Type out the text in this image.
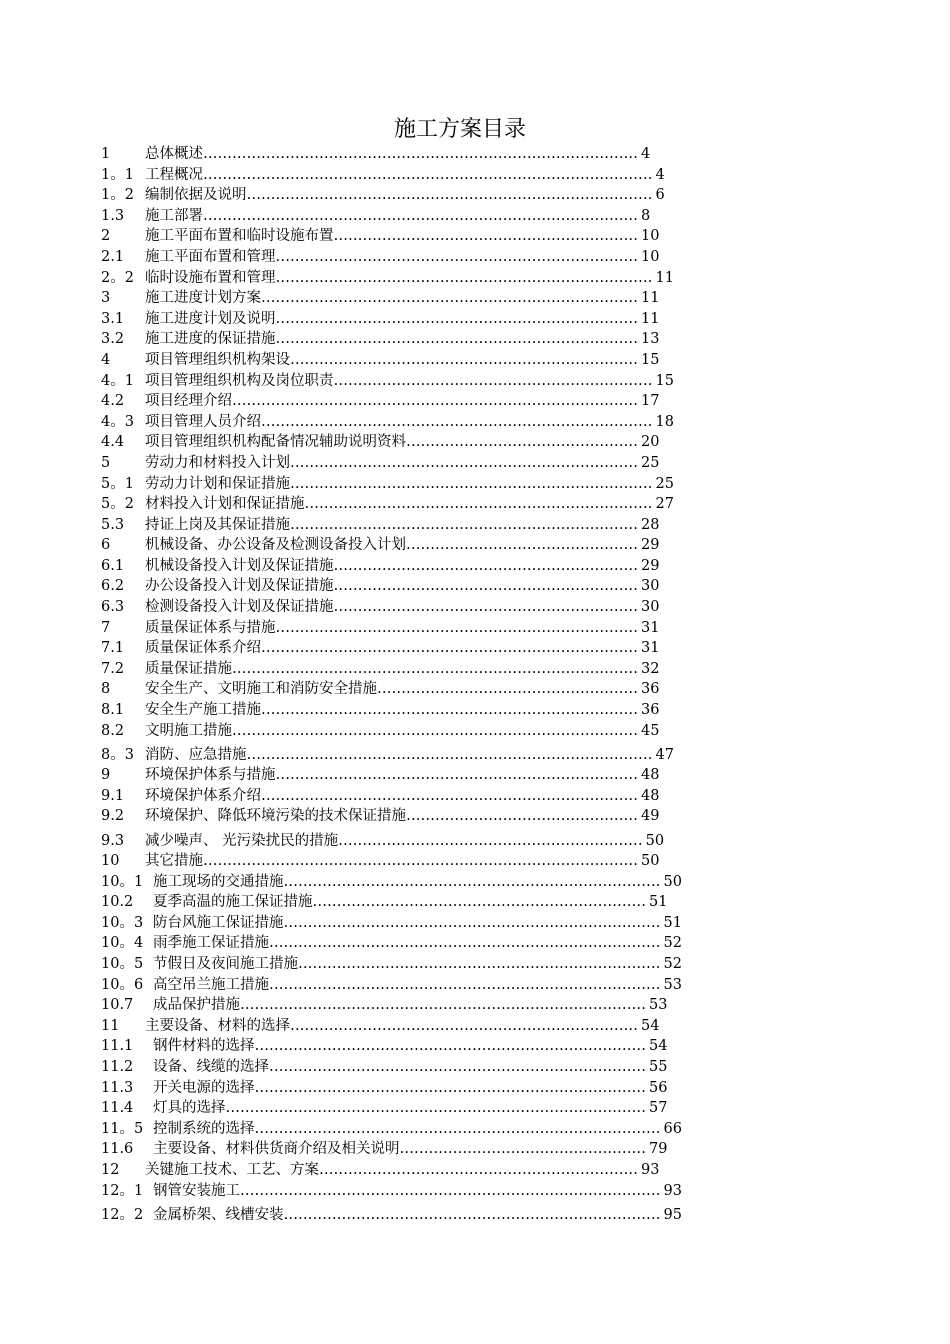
施工方案目录
1 总体概述……………………………………………………………………………… 4
1。1 工程概况………………………………………………………………………………… 4
1。2 编制依据及说明………………………………………………………………………… 6
1.3 施工部署……………………………………………………………………………… 8
2 施工平面布置和临时设施布置……………………………………………………… 10
2.1 施工平面布置和管理………………………………………………………………… 10
2。2 临时设施布置和管理…………………………………………………………………… 11
3 施工进度计划方案…………………………………………………………………… 11
3.1 施工进度计划及说明………………………………………………………………… 11
3.2 施工进度的保证措施………………………………………………………………… 13
4 项目管理组织机构架设……………………………………………………………… 15
4。1 项目管理组织机构及岗位职责………………………………………………………… 15
4.2 项目经理介绍………………………………………………………………………… 17
4。3 项目管理人员介绍……………………………………………………………………… 18
4.4 项目管理组织机构配备情况辅助说明资料………………………………………… 20
5 劳动力和材料投入计划……………………………………………………………… 25
5。1 劳动力计划和保证措施………………………………………………………………… 25
5。2 材料投入计划和保证措施……………………………………………………………… 27
5.3 持证上岗及其保证措施……………………………………………………………… 28
6 机械设备、办公设备及检测设备投入计划………………………………………… 29
6.1 机械设备投入计划及保证措施……………………………………………………… 29
6.2 办公设备投入计划及保证措施……………………………………………………… 30
6.3 检测设备投入计划及保证措施……………………………………………………… 30
7 质量保证体系与措施………………………………………………………………… 31
7.1 质量保证体系介绍…………………………………………………………………… 31
7.2 质量保证措施………………………………………………………………………… 32
8 安全生产、文明施工和消防安全措施……………………………………………… 36
8.1 安全生产施工措施…………………………………………………………………… 36
8.2 文明施工措施………………………………………………………………………… 45
8。3 消防、应急措施………………………………………………………………………… 47
9 环境保护体系与措施………………………………………………………………… 48
9.1 环境保护体系介绍…………………………………………………………………… 48
9.2 环境保护、降低环境污染的技术保证措施………………………………………… 49
9.3 减少噪声、 光污染扰民的措施……………………………………………………… 50
10 其它措施……………………………………………………………………………… 50
10。1 施工现场的交通措施…………………………………………………………………… 50
10.2 夏季高温的施工保证措施…………………………………………………………… 51
10。3 防台风施工保证措施…………………………………………………………………… 51
10。4 雨季施工保证措施……………………………………………………………………… 52
10。5 节假日及夜间施工措施………………………………………………………………… 52
10。6 高空吊兰施工措施……………………………………………………………………… 53
10.7 成品保护措施………………………………………………………………………… 53
11 主要设备、材料的选择……………………………………………………………… 54
11.1 钢件材料的选择……………………………………………………………………… 54
11.2 设备、线缆的选择…………………………………………………………………… 55
11.3 开关电源的选择……………………………………………………………………… 56
11.4 灯具的选择…………………………………………………………………………… 57
11。5 控制系统的选择………………………………………………………………………… 66
11.6 主要设备、材料供货商介绍及相关说明…………………………………………… 79
12 关键施工技术、工艺、方案………………………………………………………… 93
12。1 钢管安装施工…………………………………………………………………………… 93
12。2 金属桥架、线槽安装…………………………………………………………………… 95
